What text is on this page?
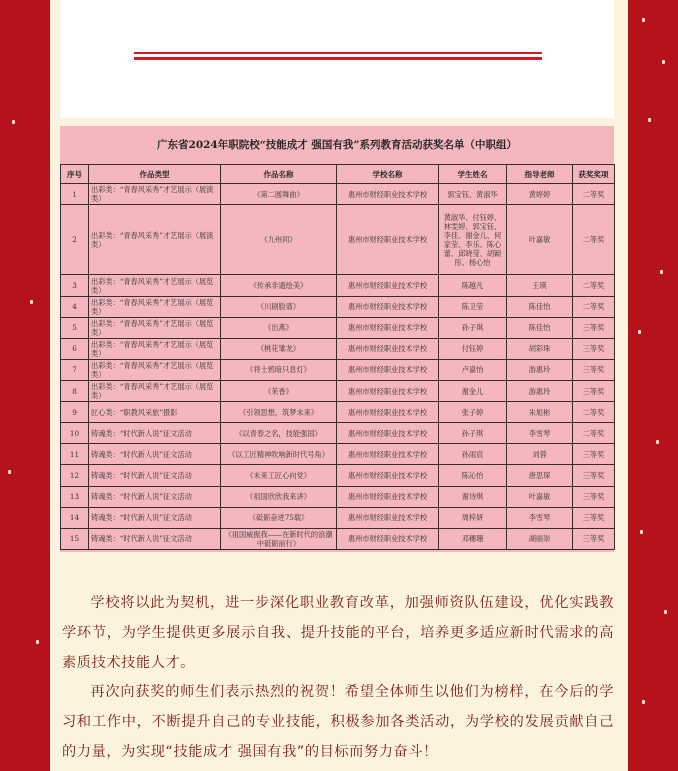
广东省2024年职院校“技能成才 强国有我”系列教育活动获奖名单（中职组）
序号	作品类型	作品名称	学校名称	学生姓名	指导老师	获奖奖项
1	出彩类：“青春风采秀”才艺展示（展演类）	《第二圆舞曲》	惠州市财经职业技术学校	郭宝钰、黄淑华	黄婷婷	二等奖
2	出彩类：“青春风采秀”才艺展示（展演类）	《九州同》	惠州市财经职业技术学校	黄淑华、付钰婷、林雯婷、郭宝钰、李佳、谢金儿、何家莹、李乐、陈心蕾、邱晓莹、胡颖彤、杨心怡	叶嘉敏	二等奖
3	出彩类：“青春风采秀”才艺展示（展览类）	《传承非遗绘美》	惠州市财经职业技术学校	陈越凡	王瑛	二等奖
4	出彩类：“青春风采秀”才艺展示（展览类）	《川剧脸谱》	惠州市财经职业技术学校	陈卫莹	陈佳怡	二等奖
5	出彩类：“青春风采秀”才艺展示（展览类）	《出燕》	惠州市财经职业技术学校	孙子琪	陈佳怡	三等奖
6	出彩类：“青春风采秀”才艺展示（展览类）	《桃花雏龙》	惠州市财经职业技术学校	付钰婷	胡彩珠	三等奖
7	出彩类：“青春风采秀”才艺展示（展览类）	《将士鸦暗只息灯》	惠州市财经职业技术学校	卢嘉怡	游惠玲	三等奖
8	出彩类：“青春风采秀”才艺展示（展览类）	《茉香》	惠州市财经职业技术学校	谢金儿	游惠玲	三等奖
9	匠心类：“职教风采旅”摄影	《引领思想，筑梦未来》	惠州市财经职业技术学校	张子婷	朱旭彬	二等奖
10	铸魂类：“时代新人说”征文活动	《以青春之名，技能强国》	惠州市财经职业技术学校	孙子琪	李雪琴	二等奖
11	铸魂类：“时代新人说”征文活动	《以工匠精神吹响新时代号角》	惠州市财经职业技术学校	孙雨宸	刘蓉	三等奖
12	铸魂类：“时代新人说”征文活动	《未来工匠心向党》	惠州市财经职业技术学校	陈沁怡	唐思琛	三等奖
13	铸魂类：“时代新人说”征文活动	《祖国欣欣我来讲》	惠州市财经职业技术学校	谢诗琪	叶嘉敏	三等奖
14	铸魂类：“时代新人说”征文活动	《砥砺奋进75载》	惠州市财经职业技术学校	周梓妍	李雪琴	三等奖
15	铸魂类：“时代新人说”征文活动	《祖国威振我——在新时代的浪潮中砥砺前行》	惠州市财经职业技术学校	邓穗珊	湖丽崇	三等奖
学校将以此为契机，进一步深化职业教育改革，加强师资队伍建设，优化实践教学环节，为学生提供更多展示自我、提升技能的平台，培养更多适应新时代需求的高素质技术技能人才。
再次向获奖的师生们表示热烈的祝贺！希望全体师生以他们为榜样，在今后的学习和工作中，不断提升自己的专业技能，积极参加各类活动，为学校的发展贡献自己的力量，为实现“技能成才 强国有我”的目标而努力奋斗！
